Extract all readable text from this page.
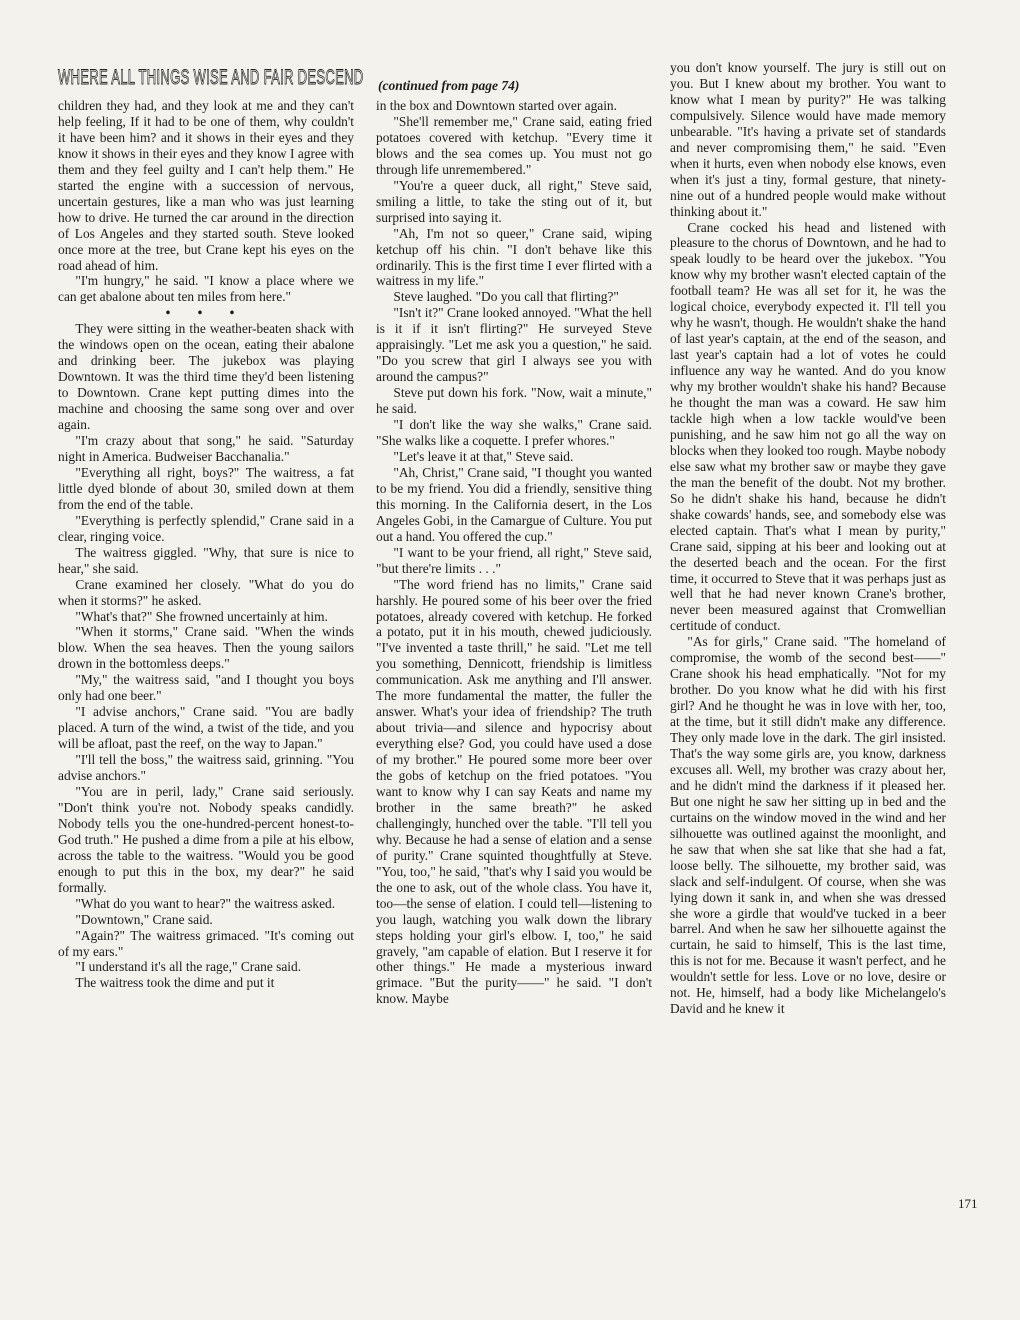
WHERE ALL THINGS WISE AND FAIR DESCEND (continued from page 74)

children they had, and they look at me and they can't help feeling, If it had to be one of them, why couldn't it have been him? and it shows in their eyes and they know it shows in their eyes and they know I agree with them and they feel guilty and I can't help them." He started the engine with a succession of nervous, uncertain gestures, like a man who was just learning how to drive. He turned the car around in the direction of Los Angeles and they started south. Steve looked once more at the tree, but Crane kept his eyes on the road ahead of him.

"I'm hungry," he said. "I know a place where we can get abalone about ten miles from here."

• • •

They were sitting in the weather-beaten shack with the windows open on the ocean, eating their abalone and drinking beer. The jukebox was playing Downtown. It was the third time they'd been listening to Downtown. Crane kept putting dimes into the machine and choosing the same song over and over again.

"I'm crazy about that song," he said. "Saturday night in America. Budweiser Bacchanalia."

"Everything all right, boys?" The waitress, a fat little dyed blonde of about 30, smiled down at them from the end of the table.

"Everything is perfectly splendid," Crane said in a clear, ringing voice.

The waitress giggled. "Why, that sure is nice to hear," she said.

Crane examined her closely. "What do you do when it storms?" he asked.

"What's that?" She frowned uncertainly at him.

"When it storms," Crane said. "When the winds blow. When the sea heaves. Then the young sailors drown in the bottomless deeps."

"My," the waitress said, "and I thought you boys only had one beer."

"I advise anchors," Crane said. "You are badly placed. A turn of the wind, a twist of the tide, and you will be afloat, past the reef, on the way to Japan."

"I'll tell the boss," the waitress said, grinning. "You advise anchors."

"You are in peril, lady," Crane said seriously. "Don't think you're not. Nobody speaks candidly. Nobody tells you the one-hundred-percent honest-to-God truth." He pushed a dime from a pile at his elbow, across the table to the waitress. "Would you be good enough to put this in the box, my dear?" he said formally.

"What do you want to hear?" the waitress asked.

"Downtown," Crane said.

"Again?" The waitress grimaced. "It's coming out of my ears."

"I understand it's all the rage," Crane said.

The waitress took the dime and put it

in the box and Downtown started over again.

"She'll remember me," Crane said, eating fried potatoes covered with ketchup. "Every time it blows and the sea comes up. You must not go through life unremembered."

"You're a queer duck, all right," Steve said, smiling a little, to take the sting out of it, but surprised into saying it.

"Ah, I'm not so queer," Crane said, wiping ketchup off his chin. "I don't behave like this ordinarily. This is the first time I ever flirted with a waitress in my life."

Steve laughed. "Do you call that flirting?"

"Isn't it?" Crane looked annoyed. "What the hell is it if it isn't flirting?" He surveyed Steve appraisingly. "Let me ask you a question," he said. "Do you screw that girl I always see you with around the campus?"

Steve put down his fork. "Now, wait a minute," he said.

"I don't like the way she walks," Crane said. "She walks like a coquette. I prefer whores."

"Let's leave it at that," Steve said.

"Ah, Christ," Crane said, "I thought you wanted to be my friend. You did a friendly, sensitive thing this morning. In the California desert, in the Los Angeles Gobi, in the Camargue of Culture. You put out a hand. You offered the cup."

"I want to be your friend, all right," Steve said, "but there're limits . . ."

"The word friend has no limits," Crane said harshly. He poured some of his beer over the fried potatoes, already covered with ketchup. He forked a potato, put it in his mouth, chewed judiciously. "I've invented a taste thrill," he said. "Let me tell you something, Dennicott, friendship is limitless communication. Ask me anything and I'll answer. The more fundamental the matter, the fuller the answer. What's your idea of friendship? The truth about trivia—and silence and hypocrisy about everything else? God, you could have used a dose of my brother." He poured some more beer over the gobs of ketchup on the fried potatoes. "You want to know why I can say Keats and name my brother in the same breath?" he asked challengingly, hunched over the table. "I'll tell you why. Because he had a sense of elation and a sense of purity." Crane squinted thoughtfully at Steve. "You, too," he said, "that's why I said you would be the one to ask, out of the whole class. You have it, too—the sense of elation. I could tell—listening to you laugh, watching you walk down the library steps holding your girl's elbow. I, too," he said gravely, "am capable of elation. But I reserve it for other things." He made a mysterious inward grimace. "But the purity——" he said. "I don't know. Maybe

you don't know yourself. The jury is still out on you. But I knew about my brother. You want to know what I mean by purity?" He was talking compulsively. Silence would have made memory unbearable. "It's having a private set of standards and never compromising them," he said. "Even when it hurts, even when nobody else knows, even when it's just a tiny, formal gesture, that ninety-nine out of a hundred people would make without thinking about it."

Crane cocked his head and listened with pleasure to the chorus of Downtown, and he had to speak loudly to be heard over the jukebox. "You know why my brother wasn't elected captain of the football team? He was all set for it, he was the logical choice, everybody expected it. I'll tell you why he wasn't, though. He wouldn't shake the hand of last year's captain, at the end of the season, and last year's captain had a lot of votes he could influence any way he wanted. And do you know why my brother wouldn't shake his hand? Because he thought the man was a coward. He saw him tackle high when a low tackle would've been punishing, and he saw him not go all the way on blocks when they looked too rough. Maybe nobody else saw what my brother saw or maybe they gave the man the benefit of the doubt. Not my brother. So he didn't shake his hand, because he didn't shake cowards' hands, see, and somebody else was elected captain. That's what I mean by purity," Crane said, sipping at his beer and looking out at the deserted beach and the ocean. For the first time, it occurred to Steve that it was perhaps just as well that he had never known Crane's brother, never been measured against that Cromwellian certitude of conduct.

"As for girls," Crane said. "The homeland of compromise, the womb of the second best——" Crane shook his head emphatically. "Not for my brother. Do you know what he did with his first girl? And he thought he was in love with her, too, at the time, but it still didn't make any difference. They only made love in the dark. The girl insisted. That's the way some girls are, you know, darkness excuses all. Well, my brother was crazy about her, and he didn't mind the darkness if it pleased her. But one night he saw her sitting up in bed and the curtains on the window moved in the wind and her silhouette was outlined against the moonlight, and he saw that when she sat like that she had a fat, loose belly. The silhouette, my brother said, was slack and self-indulgent. Of course, when she was lying down it sank in, and when she was dressed she wore a girdle that would've tucked in a beer barrel. And when he saw her silhouette against the curtain, he said to himself, This is the last time, this is not for me. Because it wasn't perfect, and he wouldn't settle for less. Love or no love, desire or not. He, himself, had a body like Michelangelo's David and he knew it

171
